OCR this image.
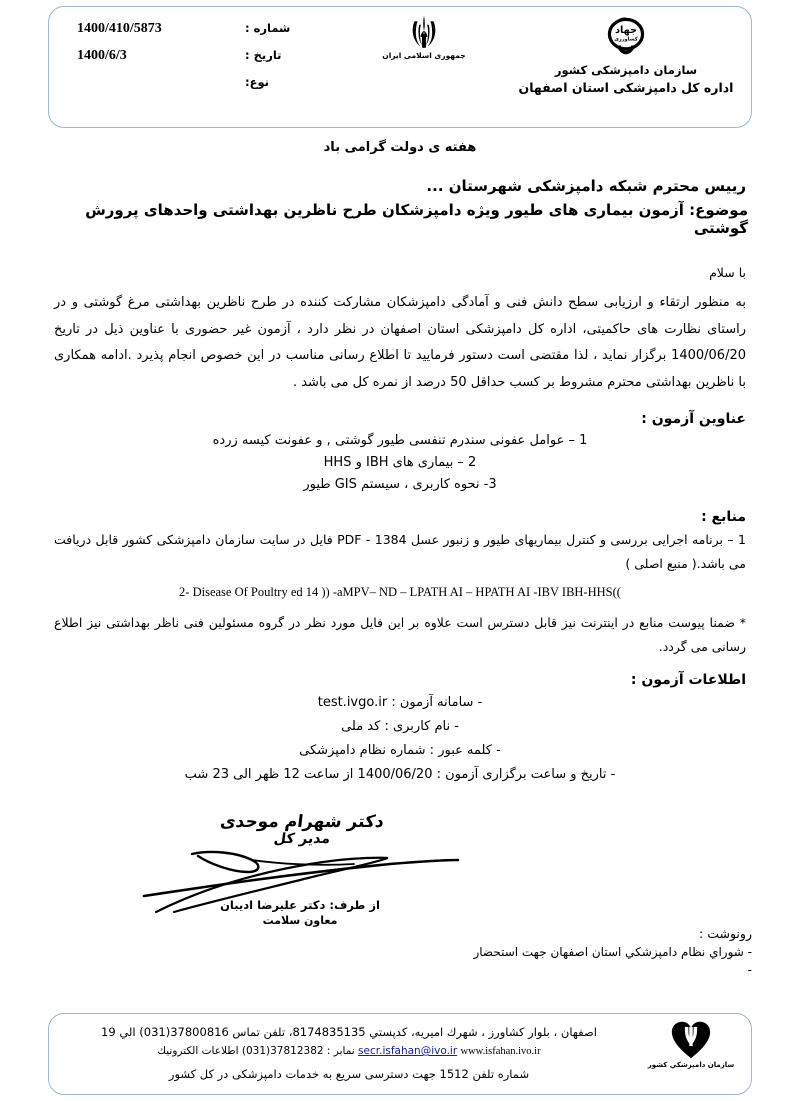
شماره :
1400/410/5873
تاریخ :
1400/6/3
نوع:
جمهوری اسلامی ایران
جهاد
کشاورزی
سازمان دامپزشکی کشور
اداره کل دامپزشکی استان اصفهان
هفته ی دولت گرامی باد
ریيس محترم شبکه دامپزشکی شهرستان ...
موضوع: آزمون بیماری های طیور ویژه دامپزشکان طرح ناظرین بهداشتی واحدهای پرورش گوشتی
با سلام
به منظور ارتقاء و ارزیابی سطح دانش فنی و آمادگی دامپزشکان مشارکت کننده در طرح ناظرین بهداشتی مرغ گوشتی و در راستای نظارت های حاکمیتی، اداره کل دامپزشکی استان اصفهان در نظر دارد ، آزمون غیر حضوری با عناوین ذیل در تاریخ 1400/06/20 برگزار نماید ، لذا مقتضی است دستور فرمایید تا اطلاع رسانی مناسب در این خصوص انجام پذیرد .ادامه همکاری با ناظرین بهداشتی محترم مشروط بر کسب حداقل 50 درصد از نمره کل می باشد .
عناوین آزمون :
1 – عوامل عفونی سندرم تنفسی طیور گوشتی , و عفونت کیسه زرده
2 – بیماری های IBH و HHS
3- نحوه کاربری ، سیستم GIS طیور
منابع :
1 – برنامه اجرایی بررسی و کنترل بیماریهای طیور و زنبور عسل 1384 - PDF فایل در سایت سازمان دامپزشکی کشور قابل دریافت می باشد.( منبع اصلی )
2- Disease Of Poultry ed 14 )) -aMPV– ND – LPATH AI – HPATH AI -IBV IBH-HHS((
* ضمنا پیوست منابع در اینترنت نیز قابل دسترس است علاوه بر این فایل مورد نظر در گروه مسئولین فنی ناظر بهداشتی نیز اطلاع رسانی می گردد.
اطلاعات آزمون :
- سامانه آزمون : test.ivgo.ir
- نام کاربری : کد ملی
- کلمه عبور : شماره نظام دامپزشکی
- تاریخ و ساعت برگزاری آزمون : 1400/06/20 از ساعت 12 ظهر الی 23 شب
دکتر شهرام موحدی
مدیر کل
از طرف: دکتر علیرضا ادیبان
معاون سلامت
رونوشت :
- شوراي نظام دامپزشكي استان اصفهان جهت استحضار
-
سازمان دامپزشكي كشور
اصفهان ، بلوار كشاورز ، شهرك اميريه، كدپستي 8174835135، تلفن تماس 37800816(031) الي 19
secr.isfahan@ivo.ir www.isfahan.ivo.ir نمابر : 37812382(031) اطلاعات الكترونيك
شماره تلفن 1512 جهت دسترسی سریع به خدمات دامپزشکی در کل کشور
